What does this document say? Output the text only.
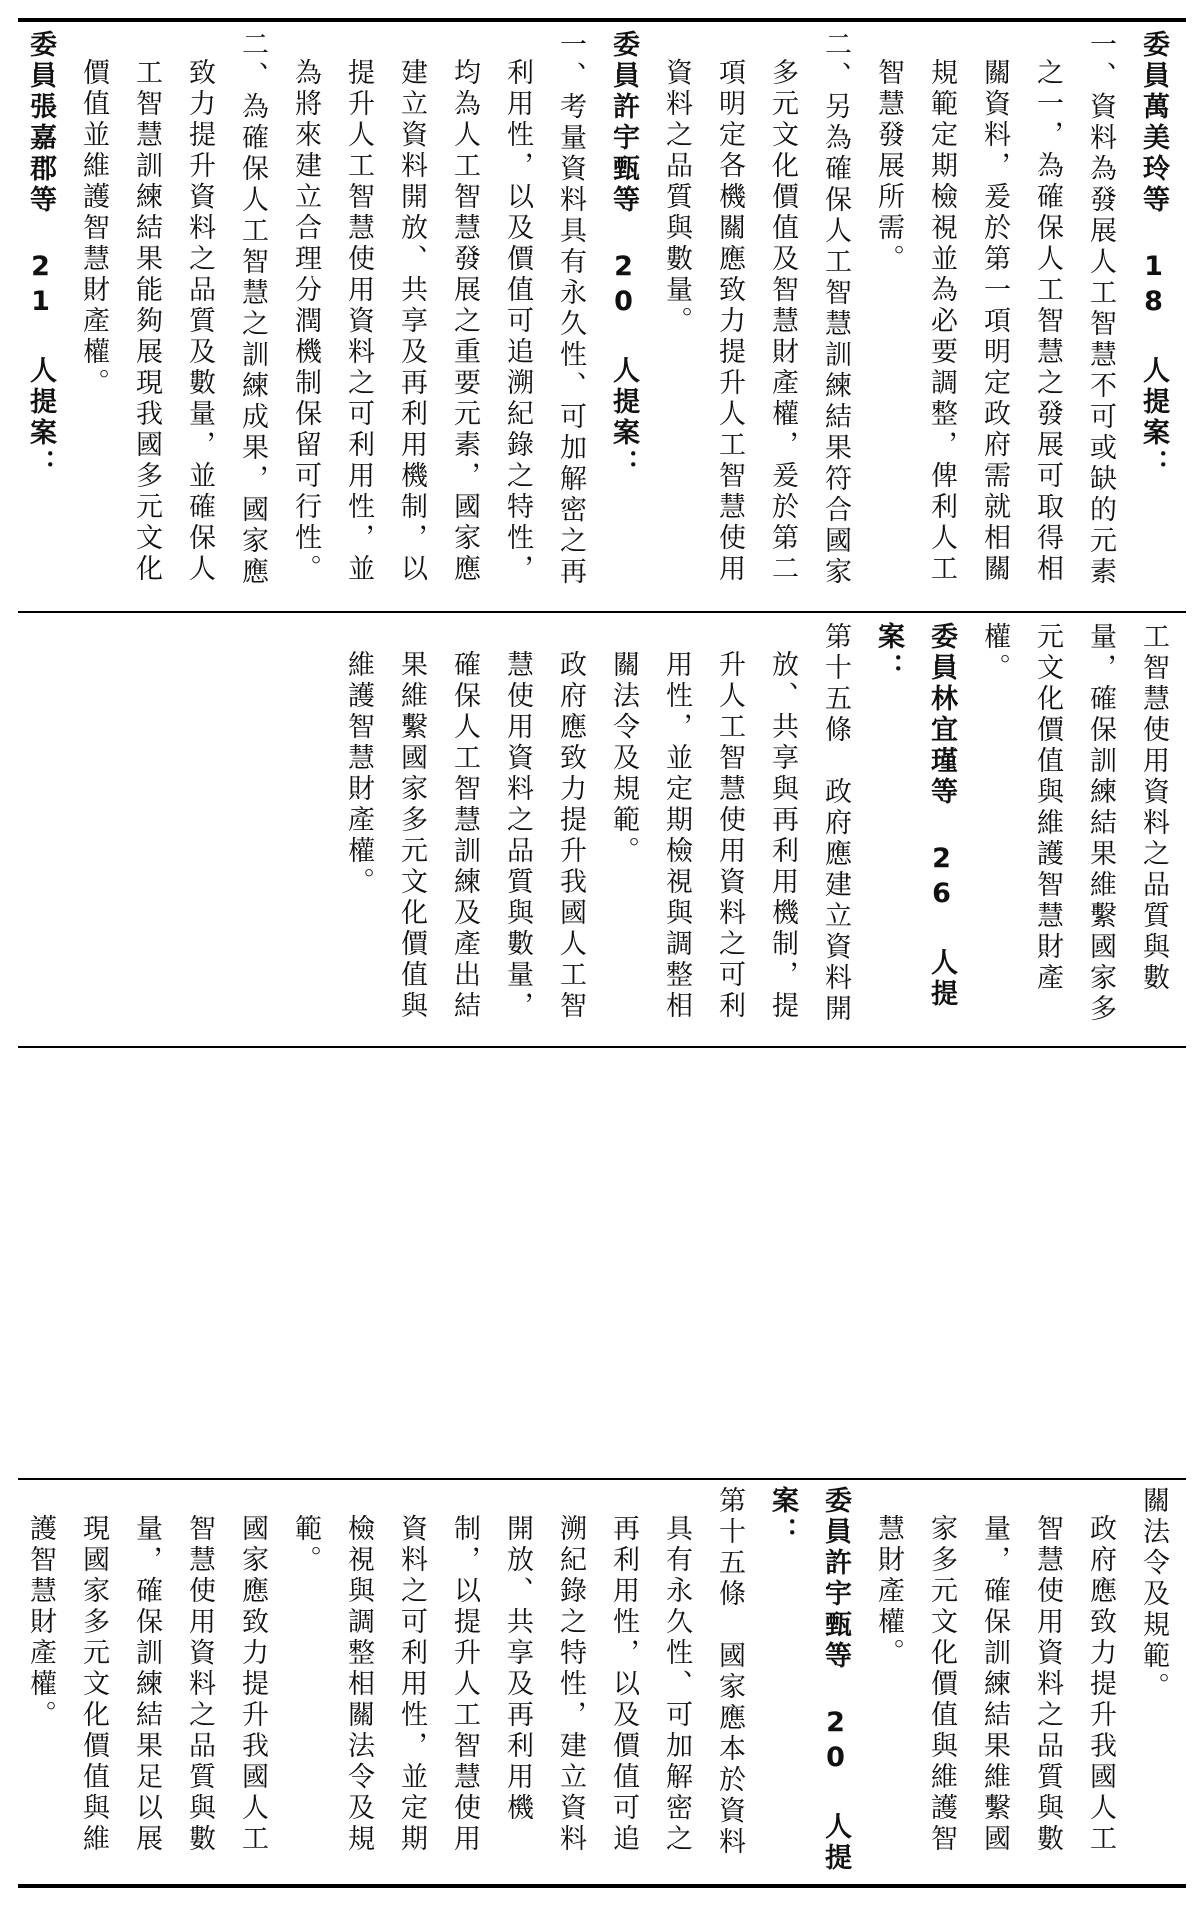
關法令及規範。
政府應致力提升我國人工智慧使用資料之品質與數量，確保訓練結果維繫國家多元文化價值與維護智慧財產權。
委員許宇甄等 20 人提案：
第十五條　國家應本於資料具有永久性、可加解密之再利用性，以及價值可追溯紀錄之特性，建立資料開放、共享及再利用機制，以提升人工智慧使用資料之可利用性，並定期檢視與調整相關法令及規範。
國家應致力提升我國人工智慧使用資料之品質與數量，確保訓練結果足以展現國家多元文化價值與維護智慧財產權。
工智慧使用資料之品質與數量，確保訓練結果維繫國家多元文化價值與維護智慧財產權。
委員林宜瑾等 26 人提案：
第十五條　政府應建立資料開放、共享與再利用機制，提升人工智慧使用資料之可利用性，並定期檢視與調整相關法令及規範。
政府應致力提升我國人工智慧使用資料之品質與數量，確保人工智慧訓練及產出結果維繫國家多元文化價值與維護智慧財產權。
委員萬美玲等 18 人提案：
一、資料為發展人工智慧不可或缺的元素之一，為確保人工智慧之發展可取得相關資料，爰於第一項明定政府需就相關規範定期檢視並為必要調整，俾利人工智慧發展所需。
二、另為確保人工智慧訓練結果符合國家多元文化價值及智慧財產權，爰於第二項明定各機關應致力提升人工智慧使用資料之品質與數量。
委員許宇甄等 20 人提案：
一、考量資料具有永久性、可加解密之再利用性，以及價值可追溯紀錄之特性，均為人工智慧發展之重要元素，國家應建立資料開放、共享及再利用機制，以提升人工智慧使用資料之可利用性，並為將來建立合理分潤機制保留可行性。
二、為確保人工智慧之訓練成果，國家應致力提升資料之品質及數量，並確保人工智慧訓練結果能夠展現我國多元文化價值並維護智慧財產權。
委員張嘉郡等 21 人提案：
